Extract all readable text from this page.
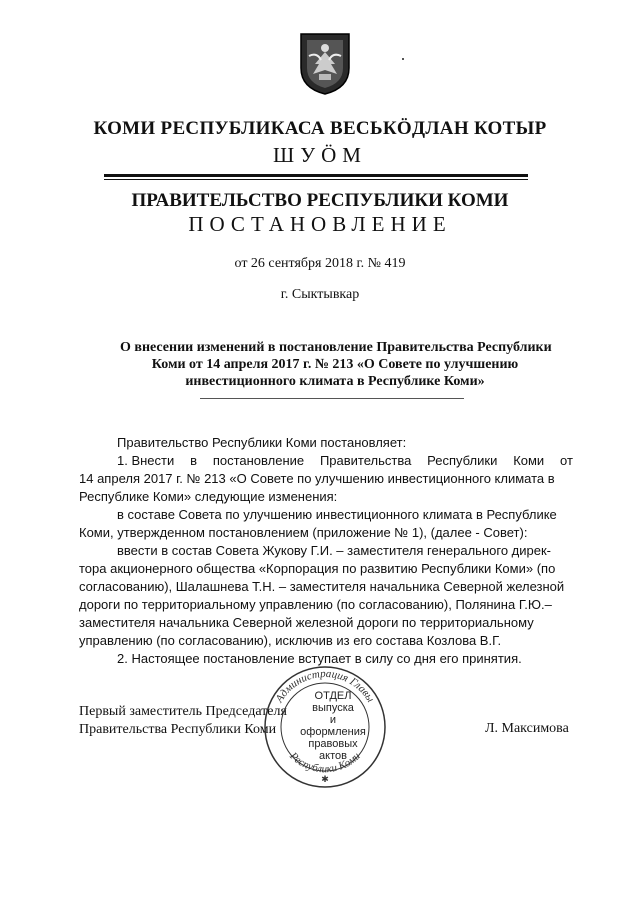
КОМИ РЕСПУБЛИКАСА ВЕСЬКӦДЛАН КОТЫР
ШУӦМ
ПРАВИТЕЛЬСТВО РЕСПУБЛИКИ КОМИ
ПОСТАНОВЛЕНИЕ
от 26 сентября 2018 г. № 419
г. Сыктывкар
О внесении изменений в постановление Правительства Республики
Коми от 14 апреля 2017 г. № 213 «О Совете по улучшению
инвестиционного климата в Республике Коми»
Правительство Республики Коми постановляет:
1. Внести в постановление Правительства Республики Коми от
14 апреля 2017 г. № 213 «О Совете по улучшению инвестиционного климата в
Республике Коми» следующие изменения:
в составе Совета по улучшению инвестиционного климата в Республике
Коми, утвержденном постановлением (приложение № 1), (далее - Совет):
ввести в состав Совета Жукову Г.И. – заместителя генерального дирек-
тора акционерного общества «Корпорация по развитию Республики Коми» (по
согласованию), Шалашнева Т.Н. – заместителя начальника Северной железной
дороги по территориальному управлению (по согласованию), Полянина Г.Ю.–
заместителя начальника Северной железной дороги по территориальному
управлению (по согласованию), исключив из его состава Козлова В.Г.
2. Настоящее постановление вступает в силу со дня его принятия.
Первый заместитель Председателя
Правительства Республики Коми	Л. Максимова
Администрация Главы
Республики Коми
✱
ОТДЕЛ
выпуска
и оформления
правовых
актов
